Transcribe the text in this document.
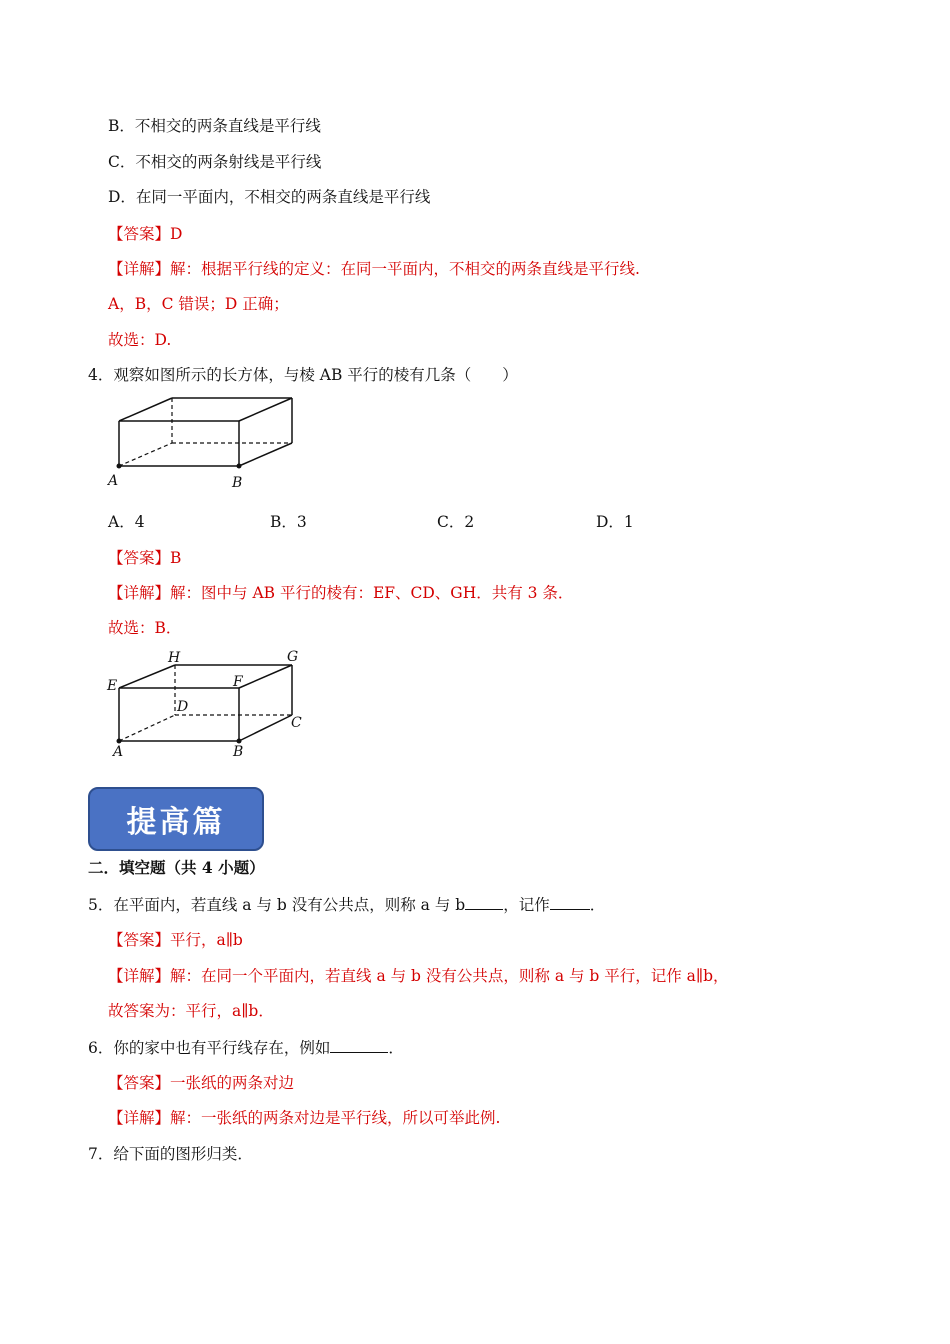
B．不相交的两条直线是平行线
C．不相交的两条射线是平行线
D．在同一平面内，不相交的两条直线是平行线
【答案】D
【详解】解：根据平行线的定义：在同一平面内，不相交的两条直线是平行线.
A，B，C 错误；D 正确；
故选：D.
4．观察如图所示的长方体，与棱 AB 平行的棱有几条（　　）
A	B
A．4	B．3	C．2	D．1
【答案】B
【详解】解：图中与 AB 平行的棱有：EF、CD、GH．共有 3 条．
故选：B．
H	G
E	F
D
C
A	B
提高篇
二．填空题（共 4 小题）
5．在平面内，若直线 a 与 b 没有公共点，则称 a 与 b ，记作	．
【答案】平行，a∥b
【详解】解：在同一个平面内，若直线 a 与 b 没有公共点，则称 a 与 b 平行，记作 a∥b，
故答案为：平行，a∥b．
6．你的家中也有平行线存在，例如	．
【答案】一张纸的两条对边
【详解】解：一张纸的两条对边是平行线，所以可举此例.
7．给下面的图形归类．
